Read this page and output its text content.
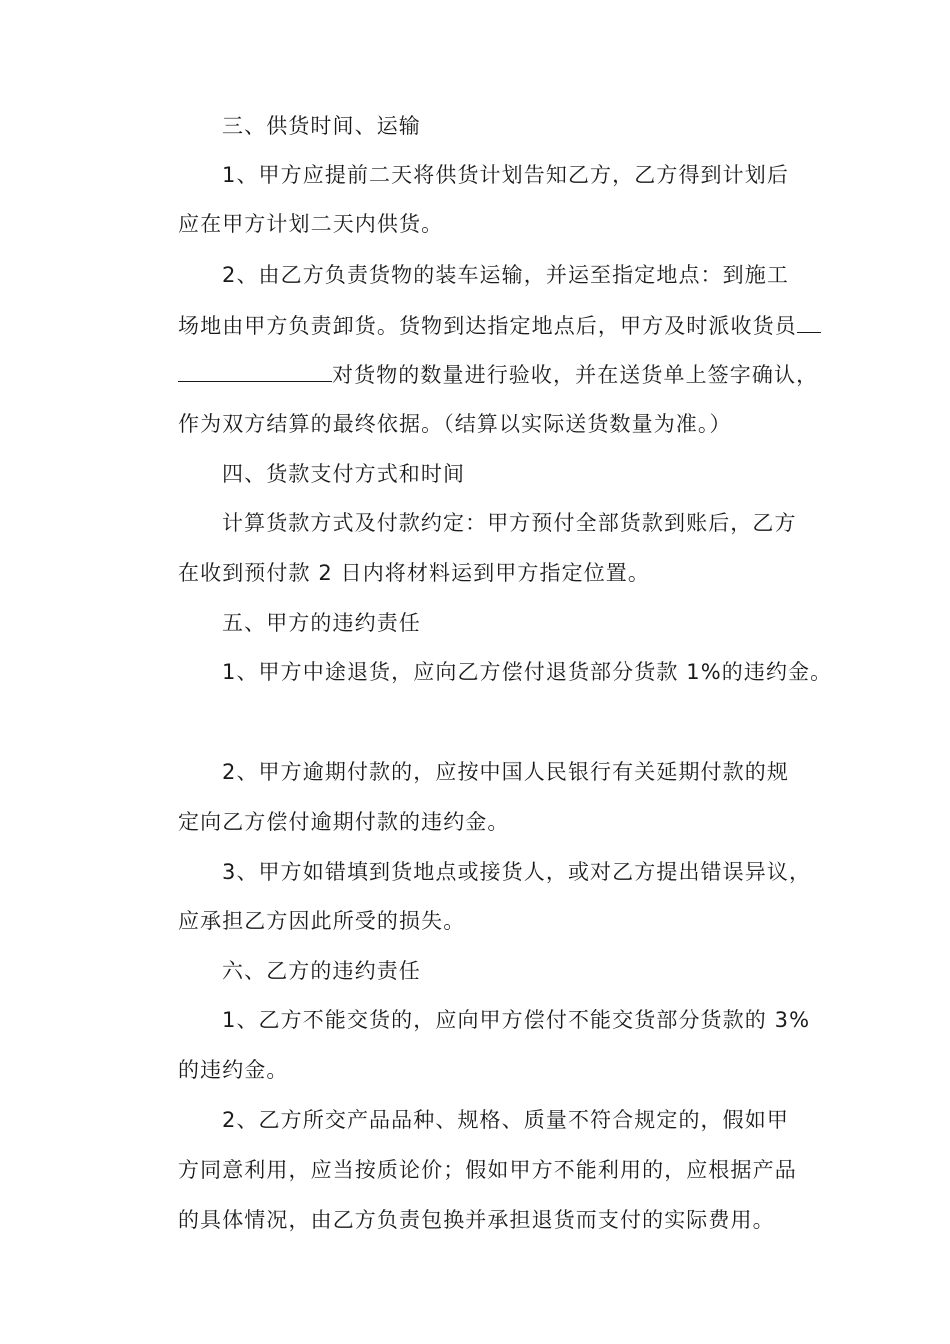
三、供货时间、运输

1、甲方应提前二天将供货计划告知乙方，乙方得到计划后

应在甲方计划二天内供货。

2、由乙方负责货物的装车运输，并运至指定地点：到施工

场地由甲方负责卸货。货物到达指定地点后，甲方及时派收货员

对货物的数量进行验收，并在送货单上签字确认，

作为双方结算的最终依据。（结算以实际送货数量为准。）

四、货款支付方式和时间

计算货款方式及付款约定：甲方预付全部货款到账后，乙方

在收到预付款 2 日内将材料运到甲方指定位置。

五、甲方的违约责任

1、甲方中途退货，应向乙方偿付退货部分货款 1%的违约金。

2、甲方逾期付款的，应按中国人民银行有关延期付款的规

定向乙方偿付逾期付款的违约金。

3、甲方如错填到货地点或接货人，或对乙方提出错误异议，

应承担乙方因此所受的损失。

六、乙方的违约责任

1、乙方不能交货的，应向甲方偿付不能交货部分货款的 3%

的违约金。

2、乙方所交产品品种、规格、质量不符合规定的，假如甲

方同意利用，应当按质论价；假如甲方不能利用的，应根据产品

的具体情况，由乙方负责包换并承担退货而支付的实际费用。
